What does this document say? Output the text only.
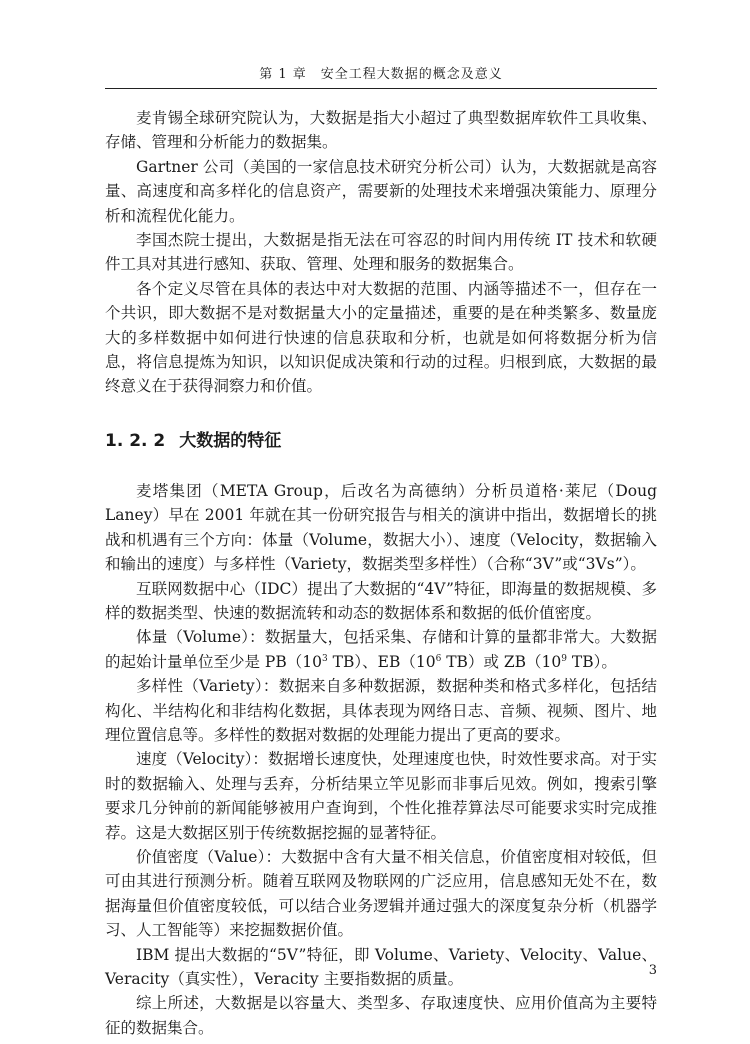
第 1 章　安全工程大数据的概念及意义

麦肯锡全球研究院认为，大数据是指大小超过了典型数据库软件工具收集、存储、管理和分析能力的数据集。

Gartner 公司（美国的一家信息技术研究分析公司）认为，大数据就是高容量、高速度和高多样化的信息资产，需要新的处理技术来增强决策能力、原理分析和流程优化能力。

李国杰院士提出，大数据是指无法在可容忍的时间内用传统 IT 技术和软硬件工具对其进行感知、获取、管理、处理和服务的数据集合。

各个定义尽管在具体的表达中对大数据的范围、内涵等描述不一，但存在一个共识，即大数据不是对数据量大小的定量描述，重要的是在种类繁多、数量庞大的多样数据中如何进行快速的信息获取和分析，也就是如何将数据分析为信息，将信息提炼为知识，以知识促成决策和行动的过程。归根到底，大数据的最终意义在于获得洞察力和价值。

1. 2. 2 大数据的特征

麦塔集团（META Group，后改名为高德纳）分析员道格·莱尼（Doug Laney）早在 2001 年就在其一份研究报告与相关的演讲中指出，数据增长的挑战和机遇有三个方向：体量（Volume，数据大小）、速度（Velocity，数据输入和输出的速度）与多样性（Variety，数据类型多样性）（合称“3V”或“3Vs”）。

互联网数据中心（IDC）提出了大数据的“4V”特征，即海量的数据规模、多样的数据类型、快速的数据流转和动态的数据体系和数据的低价值密度。

体量（Volume）：数据量大，包括采集、存储和计算的量都非常大。大数据的起始计量单位至少是 $PB(10^3$ TB）、$EB(10^6$ TB）或 $ZB(10^9$ TB）。

多样性（Variety）：数据来自多种数据源，数据种类和格式多样化，包括结构化、半结构化和非结构化数据，具体表现为网络日志、音频、视频、图片、地理位置信息等。多样性的数据对数据的处理能力提出了更高的要求。

速度（Velocity）：数据增长速度快，处理速度也快，时效性要求高。对于实时的数据输入、处理与丢弃，分析结果立竿见影而非事后见效。例如，搜索引擎要求几分钟前的新闻能够被用户查询到，个性化推荐算法尽可能要求实时完成推荐。这是大数据区别于传统数据挖掘的显著特征。

价值密度（Value）：大数据中含有大量不相关信息，价值密度相对较低，但可由其进行预测分析。随着互联网及物联网的广泛应用，信息感知无处不在，数据海量但价值密度较低，可以结合业务逻辑并通过强大的深度复杂分析（机器学习、人工智能等）来挖掘数据价值。

IBM 提出大数据的“5V”特征，即 Volume、Variety、Velocity、Value、Veracity（真实性），Veracity 主要指数据的质量。

综上所述，大数据是以容量大、类型多、存取速度快、应用价值高为主要特征的数据集合。

3
